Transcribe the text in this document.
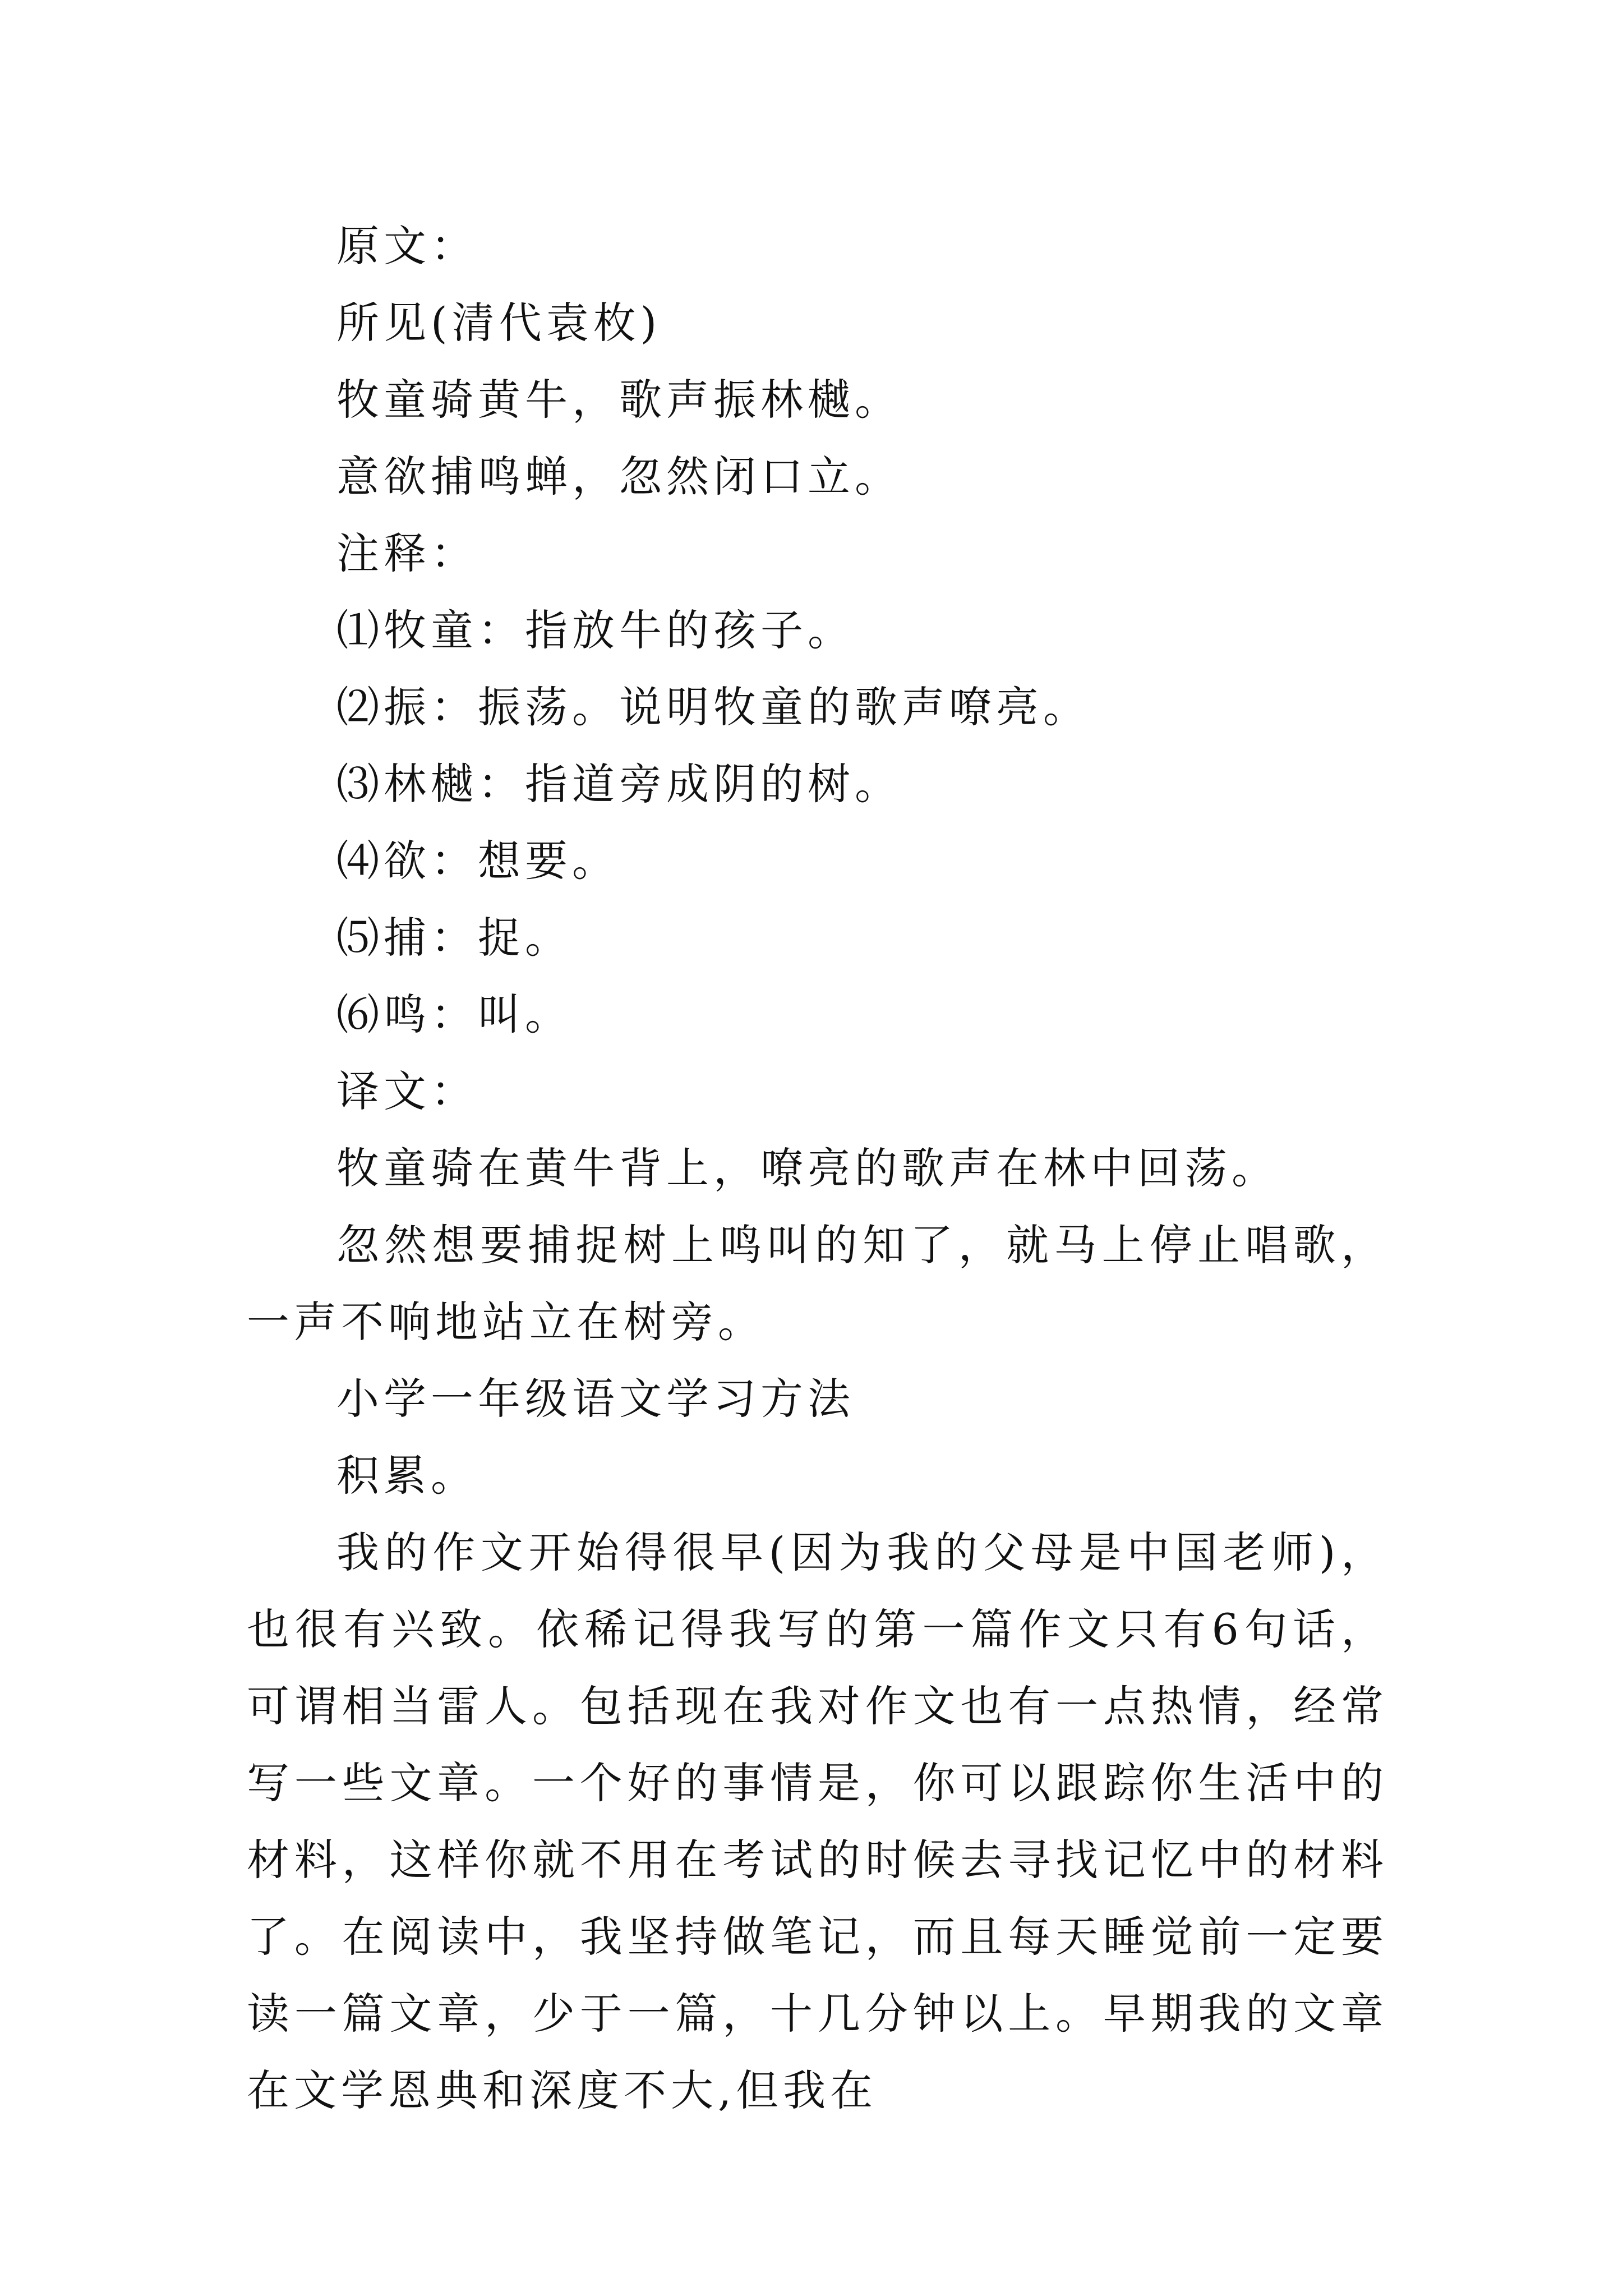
原文：
所见(清代袁枚)
牧童骑黄牛，歌声振林樾。
意欲捕鸣蝉，忽然闭口立。
注释：
⑴牧童：指放牛的孩子。
⑵振：振荡。说明牧童的歌声嘹亮。
⑶林樾：指道旁成阴的树。
⑷欲：想要。
⑸捕：捉。
⑹鸣：叫。
译文：
牧童骑在黄牛背上，嘹亮的歌声在林中回荡。

忽然想要捕捉树上鸣叫的知了，就马上停止唱歌，一声不响地站立在树旁。

小学一年级语文学习方法
积累。

我的作文开始得很早(因为我的父母是中国老师)，也很有兴致。依稀记得我写的第一篇作文只有6句话，可谓相当雷人。包括现在我对作文也有一点热情，经常写一些文章。一个好的事情是，你可以跟踪你生活中的材料，这样你就不用在考试的时候去寻找记忆中的材料了。在阅读中，我坚持做笔记，而且每天睡觉前一定要读一篇文章，少于一篇，十几分钟以上。早期我的文章在文学恩典和深度不大,但我在
